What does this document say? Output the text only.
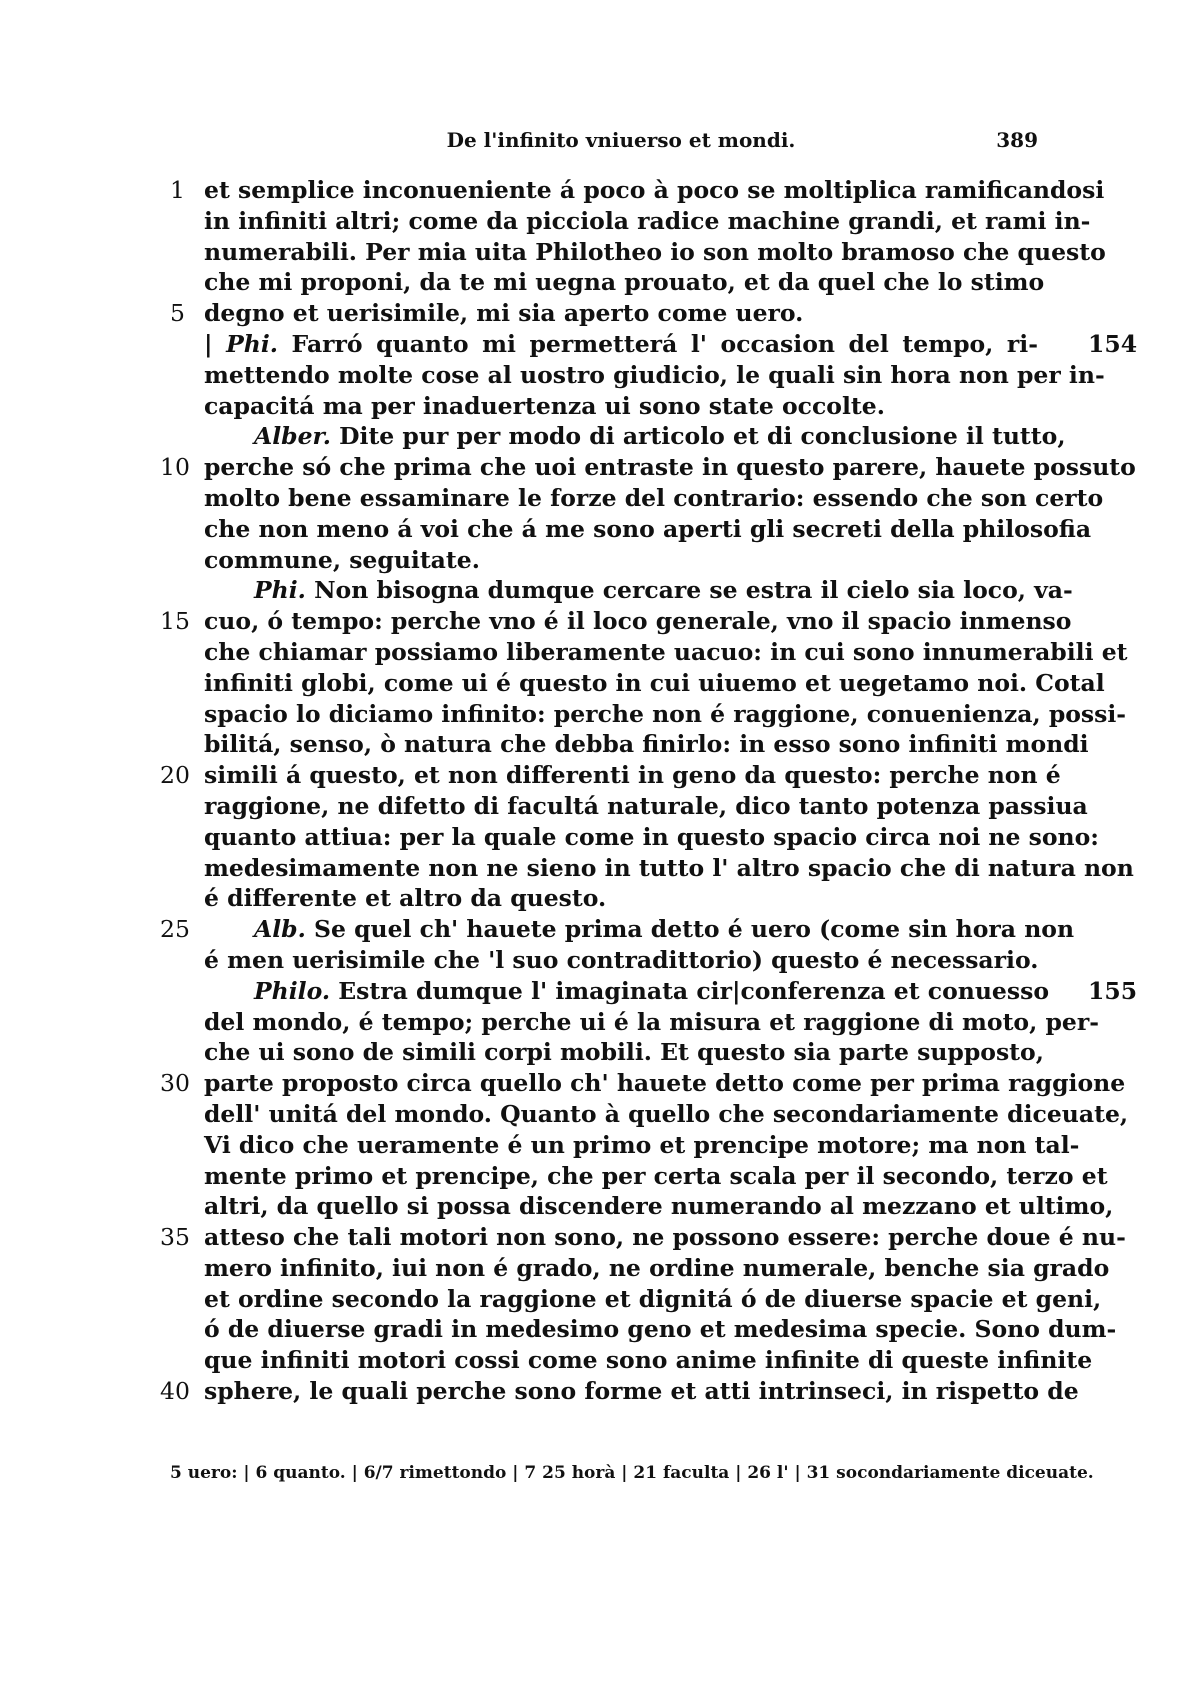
De l'infinito vniuerso et mondi.	389
1 et semplice inconueniente á poco à poco se moltiplica ramificandosi
in infiniti altri; come da picciola radice machine grandi, et rami in-
numerabili. Per mia uita Philotheo io son molto bramoso che questo
che mi proponi, da te mi uegna prouato, et da quel che lo stimo
5 degno et uerisimile, mi sia aperto come uero.
| Phi. Farró quanto mi permetterá l' occasion del tempo, ri- 154
mettendo molte cose al uostro giudicio, le quali sin hora non per in-
capacitá ma per inaduertenza ui sono state occolte.
Alber. Dite pur per modo di articolo et di conclusione il tutto,
10 perche só che prima che uoi entraste in questo parere, hauete possuto
molto bene essaminare le forze del contrario: essendo che son certo
che non meno á voi che á me sono aperti gli secreti della philosofia
commune, seguitate.
Phi. Non bisogna dumque cercare se estra il cielo sia loco, va-
15 cuo, ó tempo: perche vno é il loco generale, vno il spacio inmenso
che chiamar possiamo liberamente uacuo: in cui sono innumerabili et
infiniti globi, come ui é questo in cui uiuemo et uegetamo noi. Cotal
spacio lo diciamo infinito: perche non é raggione, conuenienza, possi-
bilitá, senso, ò natura che debba finirlo: in esso sono infiniti mondi
20 simili á questo, et non differenti in geno da questo: perche non é
raggione, ne difetto di facultá naturale, dico tanto potenza passiua
quanto attiua: per la quale come in questo spacio circa noi ne sono:
medesimamente non ne sieno in tutto l' altro spacio che di natura non
é differente et altro da questo.
25	Alb. Se quel ch' hauete prima detto é uero (come sin hora non
é men uerisimile che 'l suo contradittorio) questo é necessario.
Philo. Estra dumque l' imaginata cir|conferenza et conuesso 155
del mondo, é tempo; perche ui é la misura et raggione di moto, per-
che ui sono de simili corpi mobili. Et questo sia parte supposto,
30 parte proposto circa quello ch' hauete detto come per prima raggione
dell' unitá del mondo. Quanto à quello che secondariamente diceuate,
Vi dico che ueramente é un primo et prencipe motore; ma non tal-
mente primo et prencipe, che per certa scala per il secondo, terzo et
altri, da quello si possa discendere numerando al mezzano et ultimo,
35 atteso che tali motori non sono, ne possono essere: perche doue é nu-
mero infinito, iui non é grado, ne ordine numerale, benche sia grado
et ordine secondo la raggione et dignitá ó de diuerse spacie et geni,
ó de diuerse gradi in medesimo geno et medesima specie. Sono dum-
que infiniti motori cossi come sono anime infinite di queste infinite
40 sphere, le quali perche sono forme et atti intrinseci, in rispetto de
5 uero: | 6 quanto. | 6/7 rimettondo | 7 25 horà | 21 faculta | 26 l' | 31 socondariamente diceuate.
